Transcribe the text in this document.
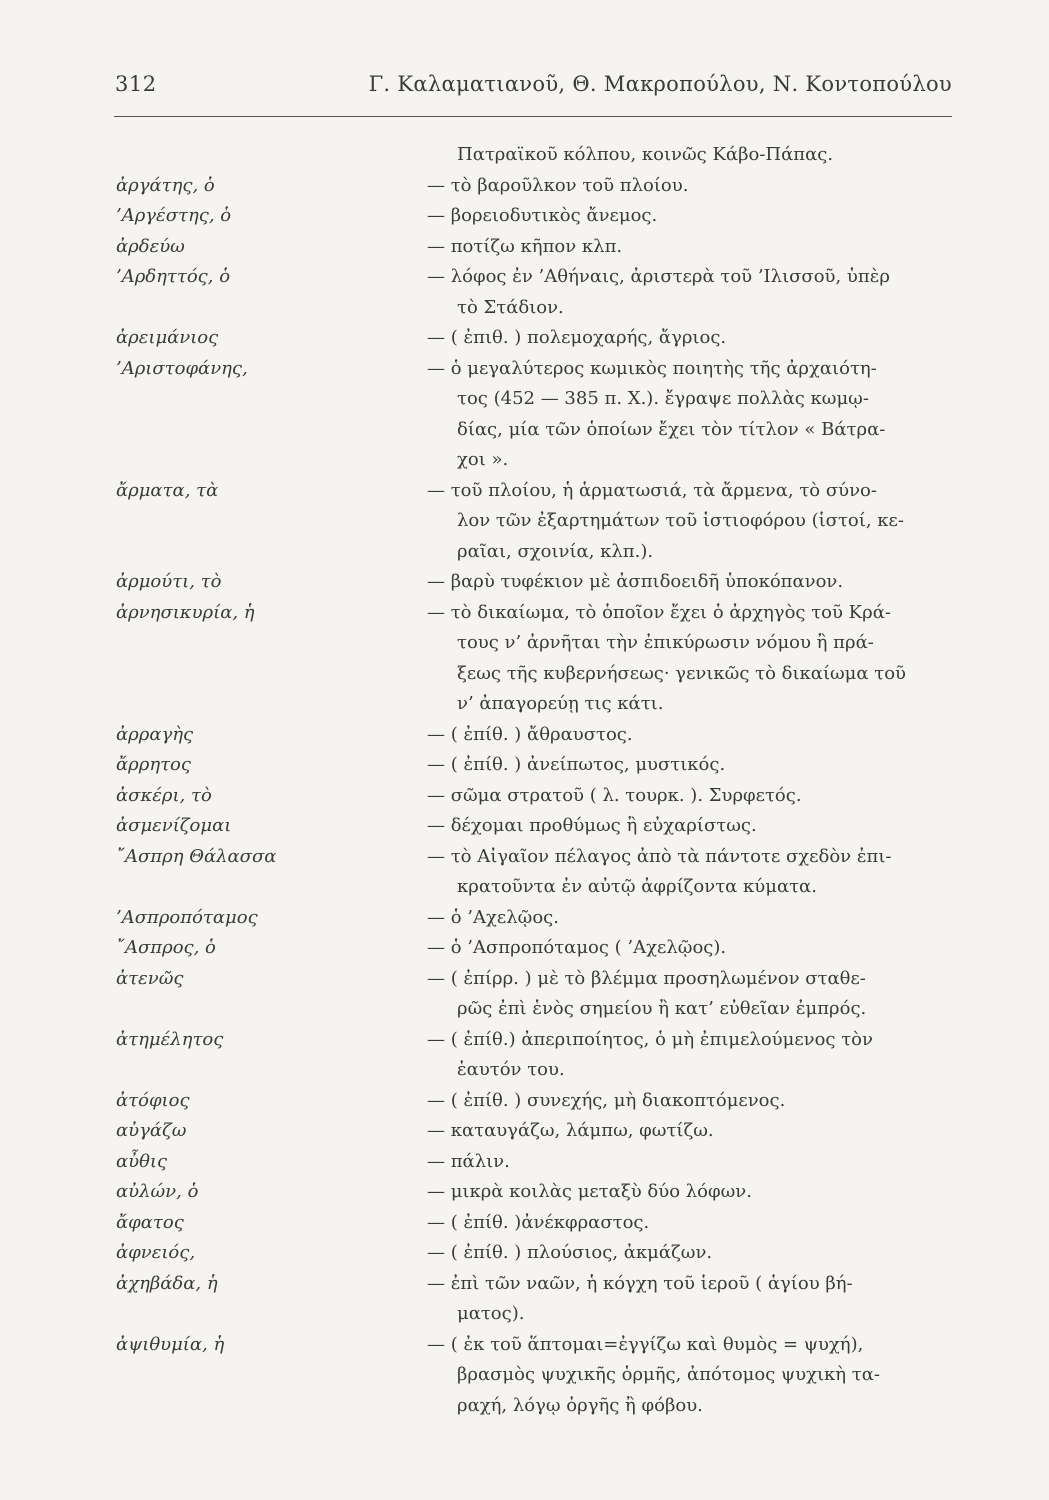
312	Γ. Καλαματιανοῦ, Θ. Μακροπούλου, Ν. Κοντοπούλου
Πατραϊκοῦ κόλπου, κοινῶς Κάβο-Πάπας.
ἀργάτης, ὁ	— τὸ βαροῦλκον τοῦ πλοίου.
’Αργέστης, ὁ	— βορειοδυτικὸς ἄνεμος.
ἀρδεύω	— ποτίζω κῆπον κλπ.
’Αρδηττός, ὁ	— λόφος ἐν ’Αθήναις, ἀριστερὰ τοῦ ’Ιλισσοῦ, ὑπὲρ
τὸ Στάδιον.
ἀρειμάνιος	— ( ἐπιθ. ) πολεμοχαρής, ἄγριος.
’Αριστοφάνης,	— ὁ μεγαλύτερος κωμικὸς ποιητὴς τῆς ἀρχαιότη-
τος (452 — 385 π. Χ.). ἔγραψε πολλὰς κωμῳ-
δίας, μία τῶν ὁποίων ἔχει τὸν τίτλον « Βάτρα-
χοι ».
ἄρματα, τὰ	— τοῦ πλοίου, ἡ ἁρματωσιά, τὰ ἄρμενα, τὸ σύνο-
λον τῶν ἐξαρτημάτων τοῦ ἱστιοφόρου (ἱστοί, κε-
ραῖαι, σχοινία, κλπ.).
ἀρμούτι, τὸ	— βαρὺ τυφέκιον μὲ ἀσπιδοειδῆ ὑποκόπανον.
ἀρνησικυρία, ἡ	— τὸ δικαίωμα, τὸ ὁποῖον ἔχει ὁ ἀρχηγὸς τοῦ Κρά-
τους ν’ ἀρνῆται τὴν ἐπικύρωσιν νόμου ἢ πρά-
ξεως τῆς κυβερνήσεως· γενικῶς τὸ δικαίωμα τοῦ
ν’ ἀπαγορεύῃ τις κάτι.
ἀρραγὴς	— ( ἐπίθ. ) ἄθραυστος.
ἄρρητος	— ( ἐπίθ. ) ἀνείπωτος, μυστικός.
ἀσκέρι, τὸ	— σῶμα στρατοῦ ( λ. τουρκ. ). Συρφετός.
ἀσμενίζομαι	— δέχομαι προθύμως ἢ εὐχαρίστως.
῎Ασπρη Θάλασσα	— τὸ Αἰγαῖον πέλαγος ἀπὸ τὰ πάντοτε σχεδὸν ἐπι-
κρατοῦντα ἐν αὐτῷ ἀφρίζοντα κύματα.
’Ασπροπόταμος	— ὁ ’Αχελῷος.
῎Ασπρος, ὁ	— ὁ ’Ασπροπόταμος ( ’Αχελῷος).
ἀτενῶς	— ( ἐπίρρ. ) μὲ τὸ βλέμμα προσηλωμένον σταθε-
ρῶς ἐπὶ ἑνὸς σημείου ἢ κατ’ εὐθεῖαν ἐμπρός.
ἀτημέλητος	— ( ἐπίθ.) ἀπεριποίητος, ὁ μὴ ἐπιμελούμενος τὸν
ἑαυτόν του.
ἀτόφιος	— ( ἐπίθ. ) συνεχής, μὴ διακοπτόμενος.
αὐγάζω	— καταυγάζω, λάμπω, φωτίζω.
αὖθις	— πάλιν.
αὐλών, ὁ	— μικρὰ κοιλὰς μεταξὺ δύο λόφων.
ἄφατος	— ( ἐπίθ. )ἀνέκφραστος.
ἀφνειός,	— ( ἐπίθ. ) πλούσιος, ἀκμάζων.
ἀχηβάδα, ἡ	— ἐπὶ τῶν ναῶν, ἡ κόγχη τοῦ ἱεροῦ ( ἁγίου βή-
ματος).
ἀψιθυμία, ἡ	— ( ἐκ τοῦ ἅπτομαι=ἐγγίζω καὶ θυμὸς = ψυχή),
βρασμὸς ψυχικῆς ὁρμῆς, ἀπότομος ψυχικὴ τα-
ραχή, λόγῳ ὀργῆς ἢ φόβου.
